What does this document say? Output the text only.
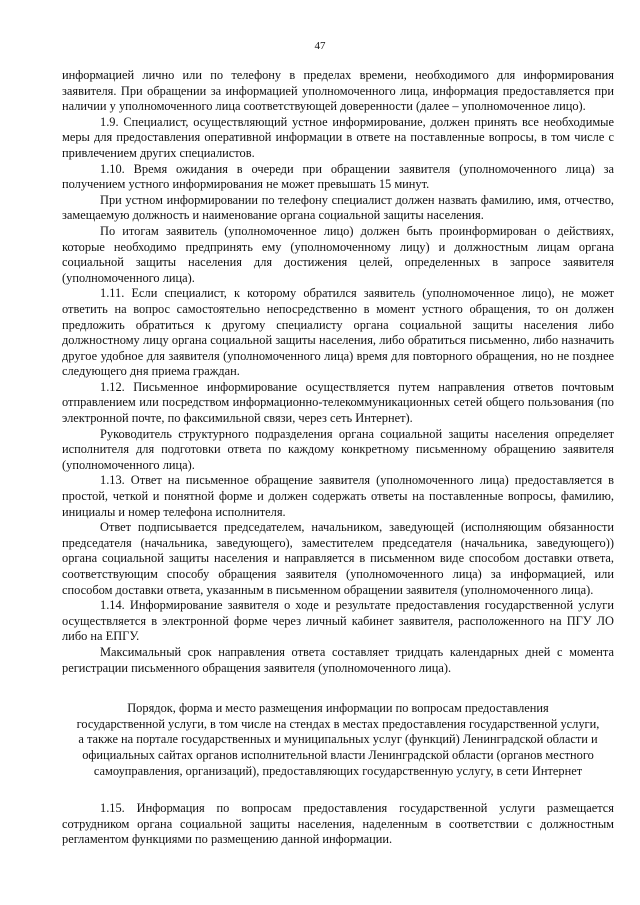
47

информацией лично или по телефону в пределах времени, необходимого для информирования заявителя. При обращении за информацией уполномоченного лица, информация предоставляется при наличии у уполномоченного лица соответствующей доверенности (далее – уполномоченное лицо).

1.9. Специалист, осуществляющий устное информирование, должен принять все необходимые меры для предоставления оперативной информации в ответе на поставленные вопросы, в том числе с привлечением других специалистов.

1.10. Время ожидания в очереди при обращении заявителя (уполномоченного лица) за получением устного информирования не может превышать 15 минут.

При устном информировании по телефону специалист должен назвать фамилию, имя, отчество, замещаемую должность и наименование органа социальной защиты населения.

По итогам заявитель (уполномоченное лицо) должен быть проинформирован о действиях, которые необходимо предпринять ему (уполномоченному лицу) и должностным лицам органа социальной защиты населения для достижения целей, определенных в запросе заявителя (уполномоченного лица).

1.11. Если специалист, к которому обратился заявитель (уполномоченное лицо), не может ответить на вопрос самостоятельно непосредственно в момент устного обращения, то он должен предложить обратиться к другому специалисту органа социальной защиты населения либо должностному лицу органа социальной защиты населения, либо обратиться письменно, либо назначить другое удобное для заявителя (уполномоченного лица) время для повторного обращения, но не позднее следующего дня приема граждан.

1.12. Письменное информирование осуществляется путем направления ответов почтовым отправлением или посредством информационно-телекоммуникационных сетей общего пользования (по электронной почте, по факсимильной связи, через сеть Интернет).

Руководитель структурного подразделения органа социальной защиты населения определяет исполнителя для подготовки ответа по каждому конкретному письменному обращению заявителя (уполномоченного лица).

1.13. Ответ на письменное обращение заявителя (уполномоченного лица) предоставляется в простой, четкой и понятной форме и должен содержать ответы на поставленные вопросы, фамилию, инициалы и номер телефона исполнителя.

Ответ подписывается председателем, начальником, заведующей (исполняющим обязанности председателя (начальника, заведующего), заместителем председателя (начальника, заведующего)) органа социальной защиты населения и направляется в письменном виде способом доставки ответа, соответствующим способу обращения заявителя (уполномоченного лица) за информацией, или способом доставки ответа, указанным в письменном обращении заявителя (уполномоченного лица).

1.14. Информирование заявителя о ходе и результате предоставления государственной услуги осуществляется в электронной форме через личный кабинет заявителя, расположенного на ПГУ ЛО либо на ЕПГУ.

Максимальный срок направления ответа составляет тридцать календарных дней с момента регистрации письменного обращения заявителя (уполномоченного лица).

Порядок, форма и место размещения информации по вопросам предоставления
государственной услуги, в том числе на стендах в местах предоставления государственной услуги,
а также на портале государственных и муниципальных услуг (функций) Ленинградской области и
официальных сайтах органов исполнительной власти Ленинградской области (органов местного
самоуправления, организаций), предоставляющих государственную услугу, в сети Интернет

1.15. Информация по вопросам предоставления государственной услуги размещается сотрудником органа социальной защиты населения, наделенным в соответствии с должностным регламентом функциями по размещению данной информации.
